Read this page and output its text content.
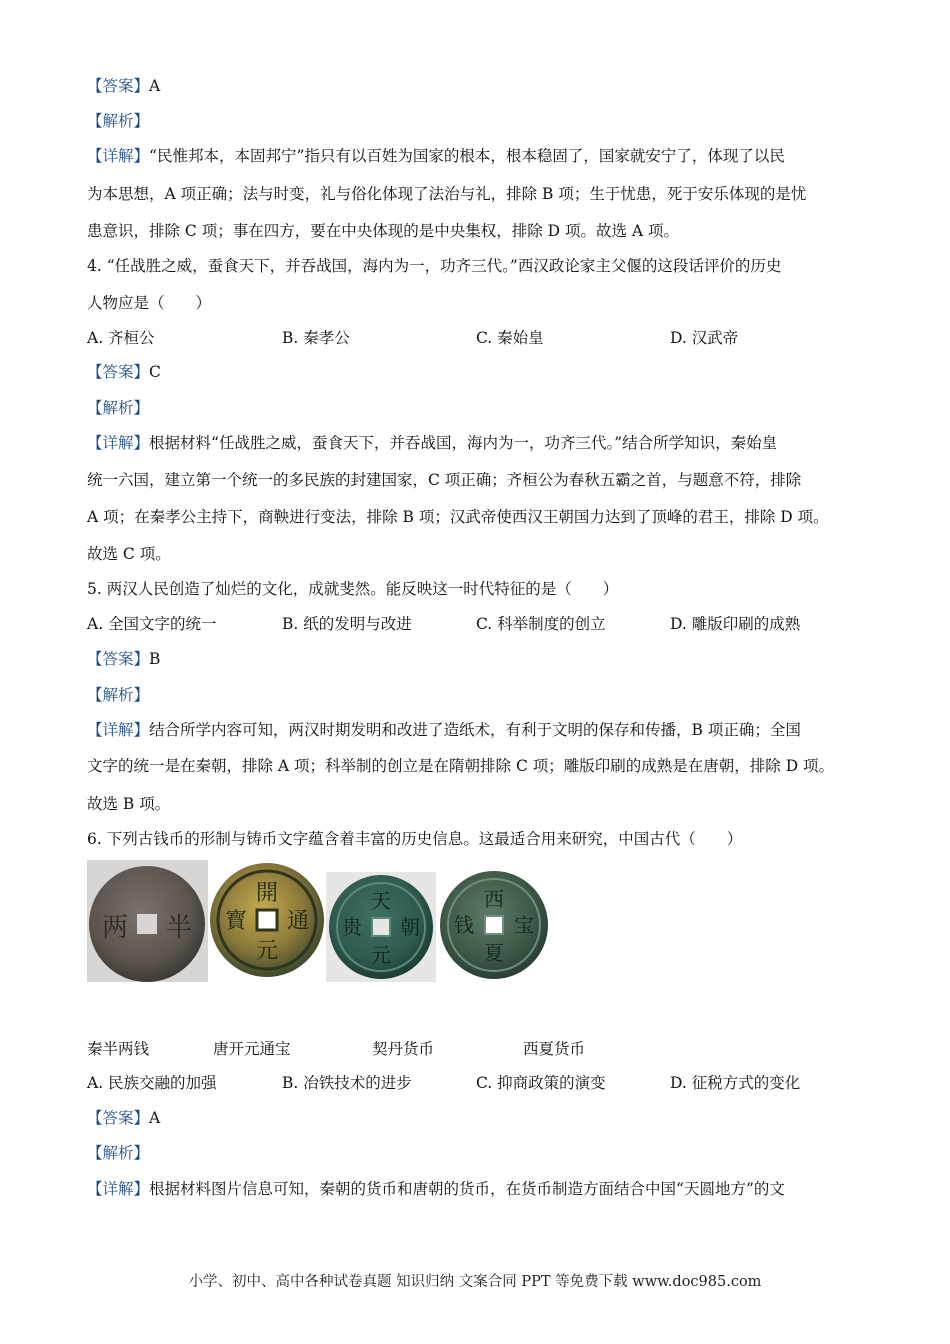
【答案】A
【解析】
【详解】“民惟邦本，本固邦宁”指只有以百姓为国家的根本，根本稳固了，国家就安宁了，体现了以民
为本思想，A 项正确；法与时变，礼与俗化体现了法治与礼，排除 B 项；生于忧患，死于安乐体现的是忧
患意识，排除 C 项；事在四方，要在中央体现的是中央集权，排除 D 项。故选 A 项。
4. “任战胜之威，蚕食天下，并吞战国，海内为一，功齐三代。”西汉政论家主父偃的这段话评价的历史
人物应是（　　）
A. 齐桓公	B. 秦孝公	C. 秦始皇	D. 汉武帝
【答案】C
【解析】
【详解】根据材料“任战胜之威，蚕食天下，并吞战国，海内为一，功齐三代。”结合所学知识，秦始皇
统一六国，建立第一个统一的多民族的封建国家，C 项正确；齐桓公为春秋五霸之首，与题意不符，排除
A 项；在秦孝公主持下，商鞅进行变法，排除 B 项；汉武帝使西汉王朝国力达到了顶峰的君王，排除 D 项。
故选 C 项。
5. 两汉人民创造了灿烂的文化，成就斐然。能反映这一时代特征的是（　　）
A. 全国文字的统一	B. 纸的发明与改进	C. 科举制度的创立	D. 雕版印刷的成熟
【答案】B
【解析】
【详解】结合所学内容可知，两汉时期发明和改进了造纸术，有利于文明的保存和传播，B 项正确；全国
文字的统一是在秦朝，排除 A 项；科举制的创立是在隋朝排除 C 项；雕版印刷的成熟是在唐朝，排除 D 项。
故选 B 项。
6. 下列古钱币的形制与铸币文字蕴含着丰富的历史信息。这最适合用来研究，中国古代（　　）
两 半
開
元
通
寳
天
元
朝
贵
西
夏
宝
钱
秦半两钱	唐开元通宝	契丹货币	西夏货币
A. 民族交融的加强	B. 冶铁技术的进步	C. 抑商政策的演变	D. 征税方式的变化
【答案】A
【解析】
【详解】根据材料图片信息可知，秦朝的货币和唐朝的货币，在货币制造方面结合中国“天圆地方”的文
小学、初中、高中各种试卷真题 知识归纳 文案合同 PPT 等免费下载 www.doc985.com
